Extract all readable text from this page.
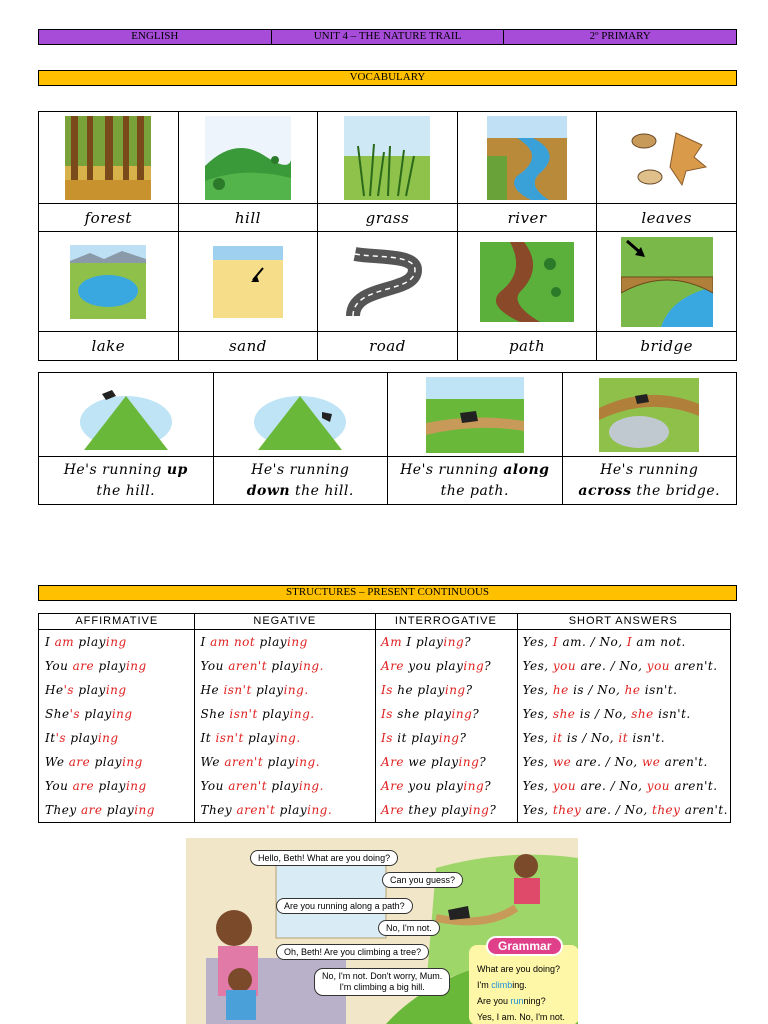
ENGLISH	UNIT 4 – THE NATURE TRAIL	2º PRIMARY
VOCABULARY
forest	hill	grass	river	leaves
lake	sand	road	path	bridge
He's running up
the hill.
He's running
down the hill.
He's running along
the path.
He's running
across the bridge.
STRUCTURES – PRESENT CONTINUOUS
AFFIRMATIVE	NEGATIVE	INTERROGATIVE	SHORT ANSWERS
I am playing	I am not playing	Am I playing?	Yes, I am. / No, I am not.
You are playing	You aren't playing.	Are you playing?	Yes, you are. / No, you aren't.
He's playing	He isn't playing.	Is he playing?	Yes, he is / No, he isn't.
She's playing	She isn't playing.	Is she playing?	Yes, she is / No, she isn't.
It's playing	It isn't playing.	Is it playing?	Yes, it is / No, it isn't.
We are playing	We aren't playing.	Are we playing?	Yes, we are. / No, we aren't.
You are playing	You aren't playing.	Are you playing?	Yes, you are. / No, you aren't.
They are playing	They aren't playing.	Are they playing?	Yes, they are. / No, they aren't.
Hello, Beth! What are you doing?
Can you guess?
Are you running along a path?
No, I'm not.
Oh, Beth! Are you climbing a tree?
No, I'm not. Don't worry, Mum.
I'm climbing a big hill.
What are you doing?
I'm climbing.
Are you running?
Yes, I am. No, I'm not.
Grammar
